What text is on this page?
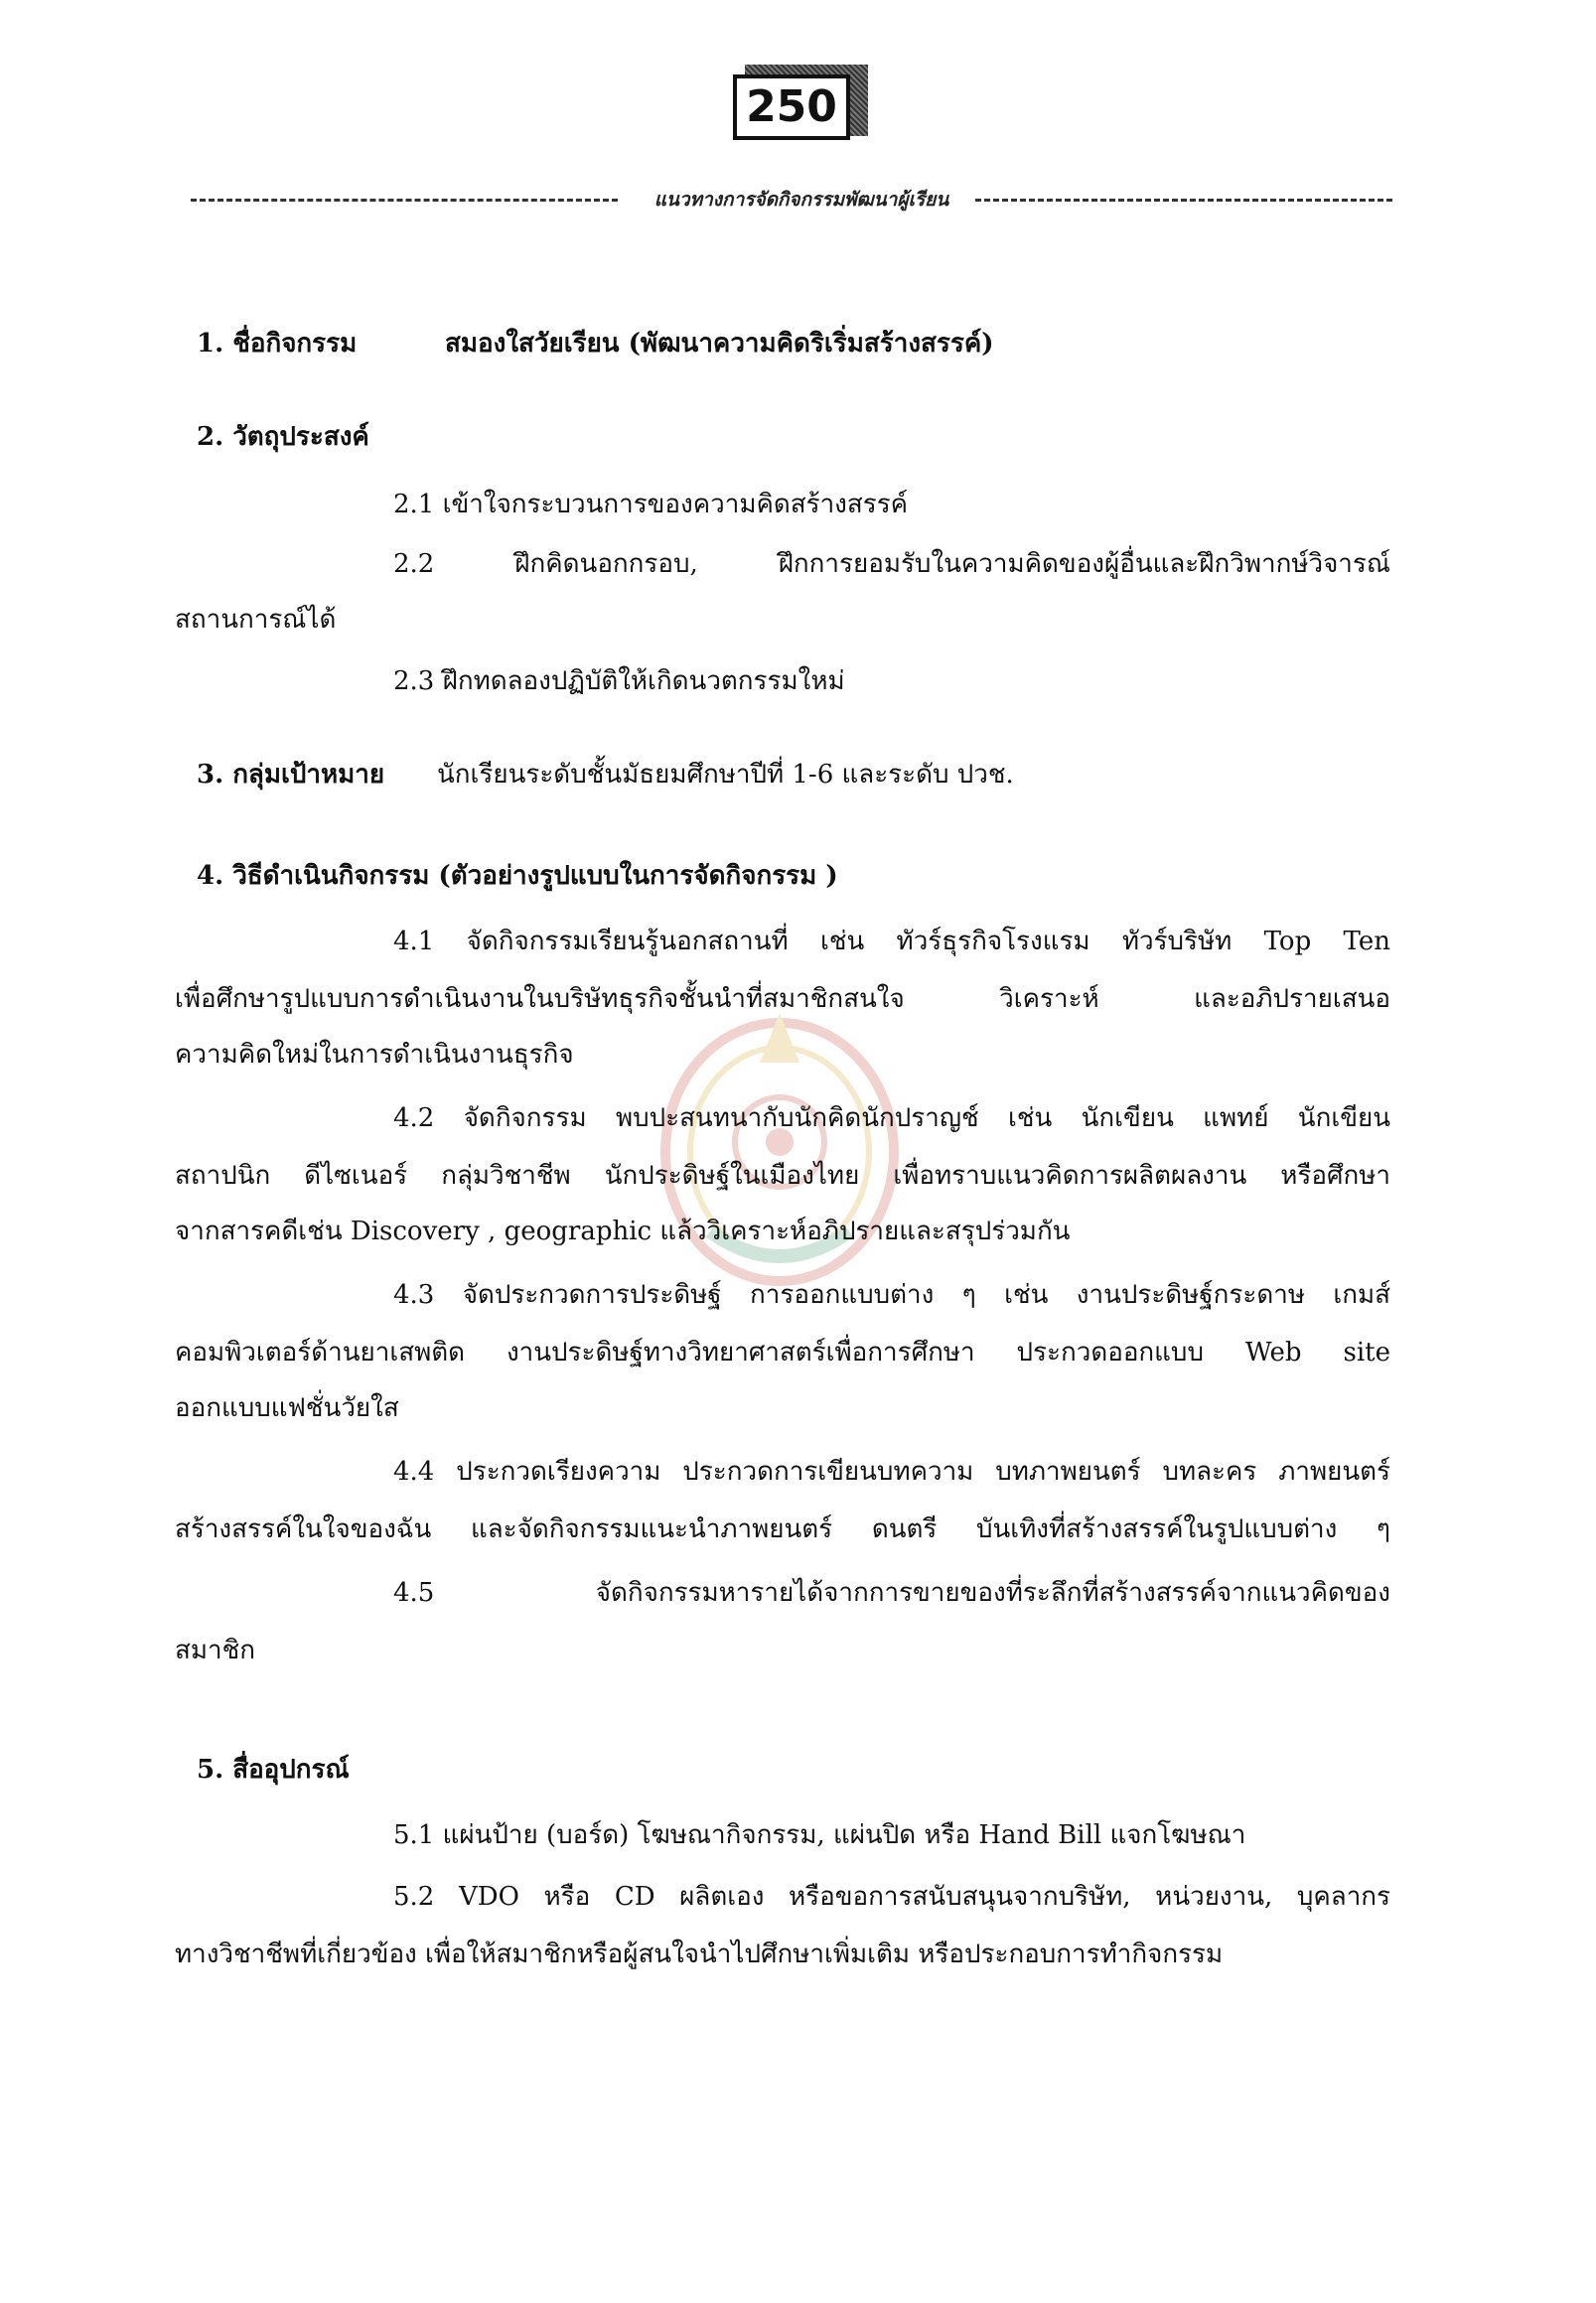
250
แนวทางการจัดกิจกรรมพัฒนาผู้เรียน
1. ชื่อกิจกรรม	สมองใสวัยเรียน (พัฒนาความคิดริเริ่มสร้างสรรค์)
2. วัตถุประสงค์
2.1 เข้าใจกระบวนการของความคิดสร้างสรรค์
2.2 ฝึกคิดนอกกรอบ, ฝึกการยอมรับในความคิดของผู้อื่นและฝึกวิพากษ์วิจารณ์
สถานการณ์ได้
2.3 ฝึกทดลองปฏิบัติให้เกิดนวตกรรมใหม่
3. กลุ่มเป้าหมาย นักเรียนระดับชั้นมัธยมศึกษาปีที่ 1-6 และระดับ ปวช.
4. วิธีดำเนินกิจกรรม (ตัวอย่างรูปแบบในการจัดกิจกรรม )
4.1 จัดกิจกรรมเรียนรู้นอกสถานที่ เช่น ทัวร์ธุรกิจโรงแรม ทัวร์บริษัท Top Ten
เพื่อศึกษารูปแบบการดำเนินงานในบริษัทธุรกิจชั้นนำที่สมาชิกสนใจ วิเคราะห์ และอภิปรายเสนอ
ความคิดใหม่ในการดำเนินงานธุรกิจ
4.2 จัดกิจกรรม พบปะสนทนากับนักคิดนักปราญช์ เช่น นักเขียน แพทย์ นักเขียน
สถาปนิก ดีไซเนอร์ กลุ่มวิชาชีพ นักประดิษฐ์ในเมืองไทย เพื่อทราบแนวคิดการผลิตผลงาน หรือศึกษา
จากสารคดีเช่น Discovery , geographic แล้ววิเคราะห์อภิปรายและสรุปร่วมกัน
4.3 จัดประกวดการประดิษฐ์ การออกแบบต่าง ๆ เช่น งานประดิษฐ์กระดาษ เกมส์
คอมพิวเตอร์ด้านยาเสพติด งานประดิษฐ์ทางวิทยาศาสตร์เพื่อการศึกษา ประกวดออกแบบ Web site
ออกแบบแฟชั่นวัยใส
4.4 ประกวดเรียงความ ประกวดการเขียนบทความ บทภาพยนตร์ บทละคร ภาพยนตร์
สร้างสรรค์ในใจของฉัน และจัดกิจกรรมแนะนำภาพยนตร์ ดนตรี บันเทิงที่สร้างสรรค์ในรูปแบบต่าง ๆ
4.5 จัดกิจกรรมหารายได้จากการขายของที่ระลึกที่สร้างสรรค์จากแนวคิดของ
สมาชิก
5. สื่ออุปกรณ์
5.1 แผ่นป้าย (บอร์ด) โฆษณากิจกรรม, แผ่นปิด หรือ Hand Bill แจกโฆษณา
5.2 VDO หรือ CD ผลิตเอง หรือขอการสนับสนุนจากบริษัท, หน่วยงาน, บุคลากร
ทางวิชาชีพที่เกี่ยวข้อง เพื่อให้สมาชิกหรือผู้สนใจนำไปศึกษาเพิ่มเติม หรือประกอบการทำกิจกรรม
